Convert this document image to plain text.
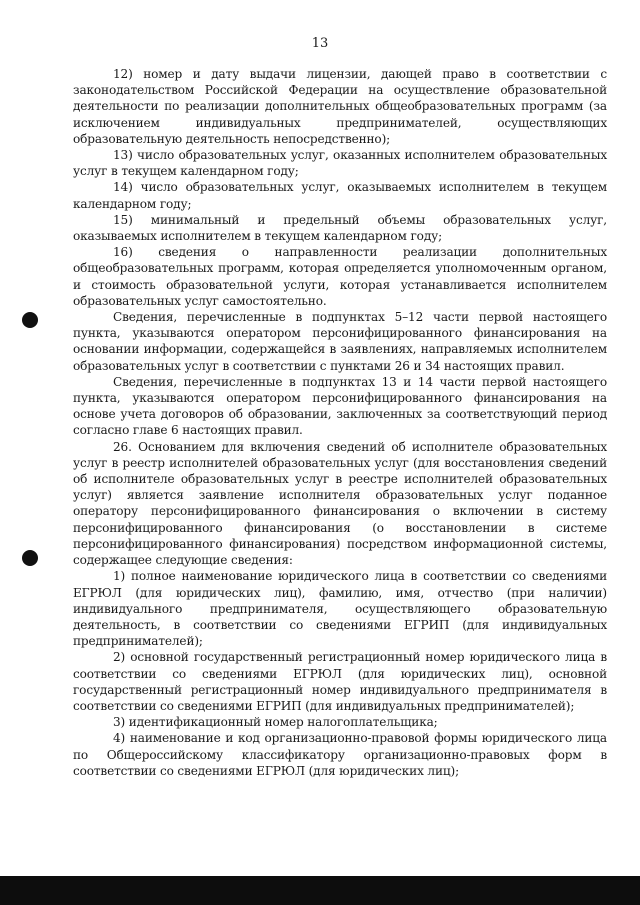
13

12) номер и дату выдачи лицензии, дающей право в соответствии с законодательством Российской Федерации на осуществление образовательной деятельности по реализации дополнительных общеобразовательных программ (за исключением индивидуальных предпринимателей, осуществляющих образовательную деятельность непосредственно);

13) число образовательных услуг, оказанных исполнителем образовательных услуг в текущем календарном году;

14) число образовательных услуг, оказываемых исполнителем в текущем календарном году;

15) минимальный и предельный объемы образовательных услуг, оказываемых исполнителем в текущем календарном году;

16) сведения о направленности реализации дополнительных общеобразовательных программ, которая определяется уполномоченным органом, и стоимость образовательной услуги, которая устанавливается исполнителем образовательных услуг самостоятельно.

Сведения, перечисленные в подпунктах 5–12 части первой настоящего пункта, указываются оператором персонифицированного финансирования на основании информации, содержащейся в заявлениях, направляемых исполнителем образовательных услуг в соответствии с пунктами 26 и 34 настоящих правил.

Сведения, перечисленные в подпунктах 13 и 14 части первой настоящего пункта, указываются оператором персонифицированного финансирования на основе учета договоров об образовании, заключенных за соответствующий период согласно главе 6 настоящих правил.

26. Основанием для включения сведений об исполнителе образовательных услуг в реестр исполнителей образовательных услуг (для восстановления сведений об исполнителе образовательных услуг в реестре исполнителей образовательных услуг) является заявление исполнителя образовательных услуг поданное оператору персонифицированного финансирования о включении в систему персонифицированного финансирования (о восстановлении в системе персонифицированного финансирования) посредством информационной системы, содержащее следующие сведения:

1) полное наименование юридического лица в соответствии со сведениями ЕГРЮЛ (для юридических лиц), фамилию, имя, отчество (при наличии) индивидуального предпринимателя, осуществляющего образовательную деятельность, в соответствии со сведениями ЕГРИП (для индивидуальных предпринимателей);

2) основной государственный регистрационный номер юридического лица в соответствии со сведениями ЕГРЮЛ (для юридических лиц), основной государственный регистрационный номер индивидуального предпринимателя в соответствии со сведениями ЕГРИП (для индивидуальных предпринимателей);

3) идентификационный номер налогоплательщика;

4) наименование и код организационно-правовой формы юридического лица по Общероссийскому классификатору организационно-правовых форм в соответствии со сведениями ЕГРЮЛ (для юридических лиц);
